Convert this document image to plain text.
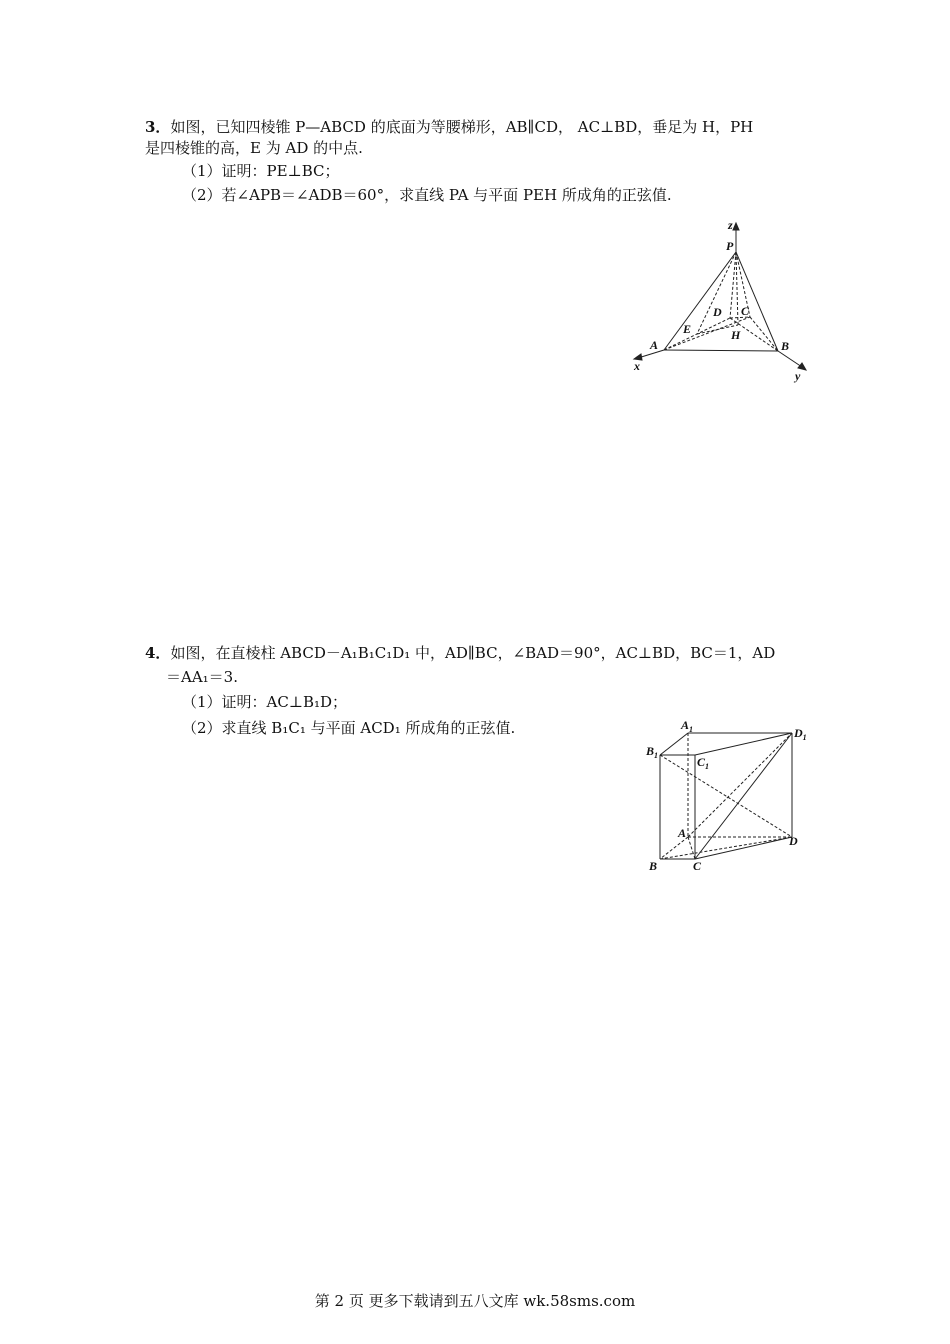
3．如图，已知四棱锥 P—ABCD 的底面为等腰梯形，AB∥CD， AC⊥BD，垂足为 H，PH
是四棱锥的高，E 为 AD 的中点.
（1）证明：PE⊥BC；
（2）若∠APB＝∠ADB＝60°，求直线 PA 与平面 PEH 所成角的正弦值.
z
P
A	B
C
D
E	H
x
y
4．如图，在直棱柱 ABCD－A₁B₁C₁D₁ 中，AD∥BC，∠BAD＝90°，AC⊥BD，BC＝1，AD
＝AA₁＝3.
（1）证明：AC⊥B₁D；
（2）求直线 B₁C₁ 与平面 ACD₁ 所成角的正弦值.	$A_1$
$B_1$	$C_1$
$D_1$
A
B	C
D
第 2 页 更多下载请到五八文库 wk.58sms.com
